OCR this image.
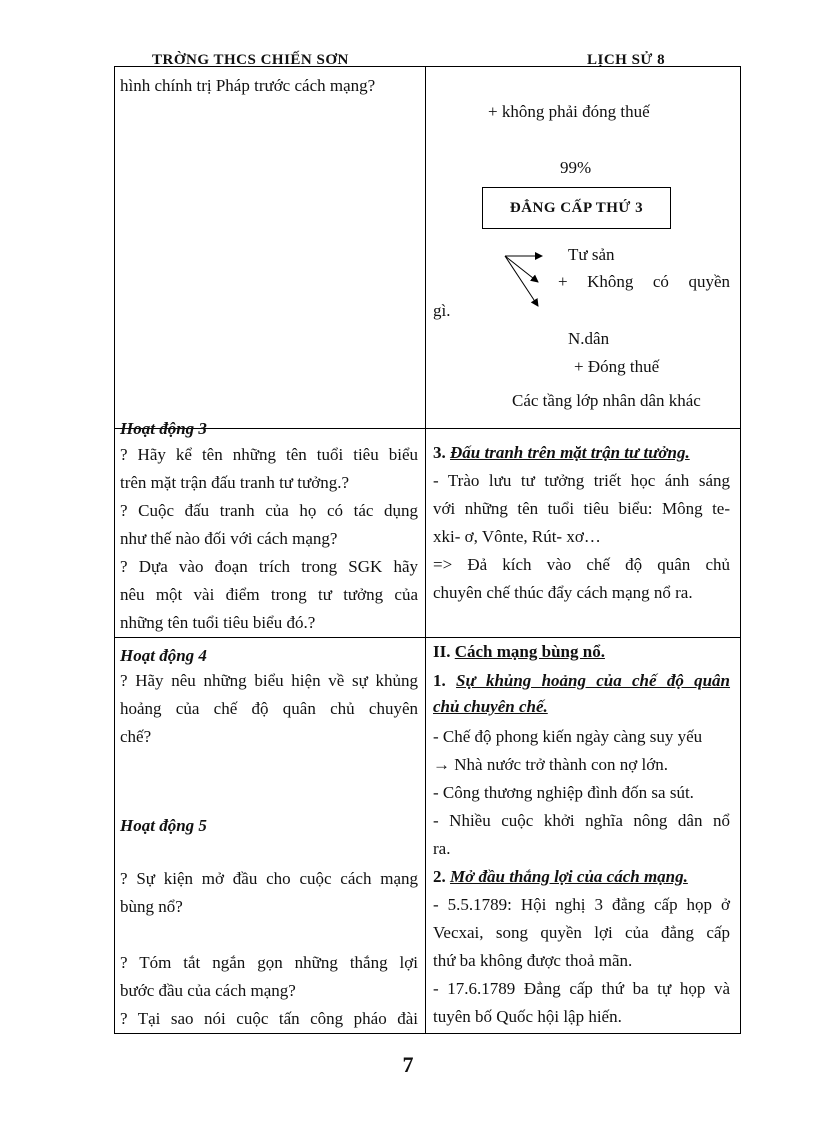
TRỜNG THCS CHIẾN SƠN	LỊCH SỬ 8
hình chính trị Pháp trước cách mạng?
Hoạt động 3
? Hãy kể tên những tên tuổi tiêu biểu
trên mặt trận đấu tranh tư tưởng.?
? Cuộc đấu tranh của họ có tác dụng
như thế nào đối với cách mạng?
? Dựa vào đoạn trích trong SGK hãy
nêu một vài điểm trong tư tưởng của
những tên tuổi tiêu biểu đó.?
Hoạt động 4
? Hãy nêu những biểu hiện về sự khủng
hoảng của chế độ quân chủ chuyên
chế?
Hoạt động 5
? Sự kiện mở đầu cho cuộc cách mạng
bùng nổ?
? Tóm tắt ngắn gọn những thắng lợi
bước đầu của cách mạng?
? Tại sao nói cuộc tấn công pháo đài
+ không phải đóng thuế
99%
ĐẲNG CẤP THỨ 3
Tư sản
+ Không có quyền
gì.
N.dân
+ Đóng thuế
Các tầng lớp nhân dân khác
3. Đấu tranh trên mặt trận tư tưởng.
- Trào lưu tư tưởng triết học ánh sáng
với những tên tuổi tiêu biểu: Mông te-
xki- ơ, Vônte, Rút- xơ…
=> Đả kích vào chế độ quân chủ
chuyên chế thúc đẩy cách mạng nổ ra.
II. Cách mạng bùng nổ.
1. Sự khủng hoảng của chế độ quân
chủ chuyên chế.
- Chế độ phong kiến ngày càng suy yếu
→ Nhà nước trở thành con nợ lớn.
- Công thương nghiệp đình đốn sa sút.
- Nhiều cuộc khởi nghĩa nông dân nổ
ra.
2. Mở đầu thắng lợi của cách mạng.
- 5.5.1789: Hội nghị 3 đẳng cấp họp ở
Vecxai, song quyền lợi của đẳng cấp
thứ ba không được thoả mãn.
- 17.6.1789 Đẳng cấp thứ ba tự họp và
tuyên bố Quốc hội lập hiến.
7
